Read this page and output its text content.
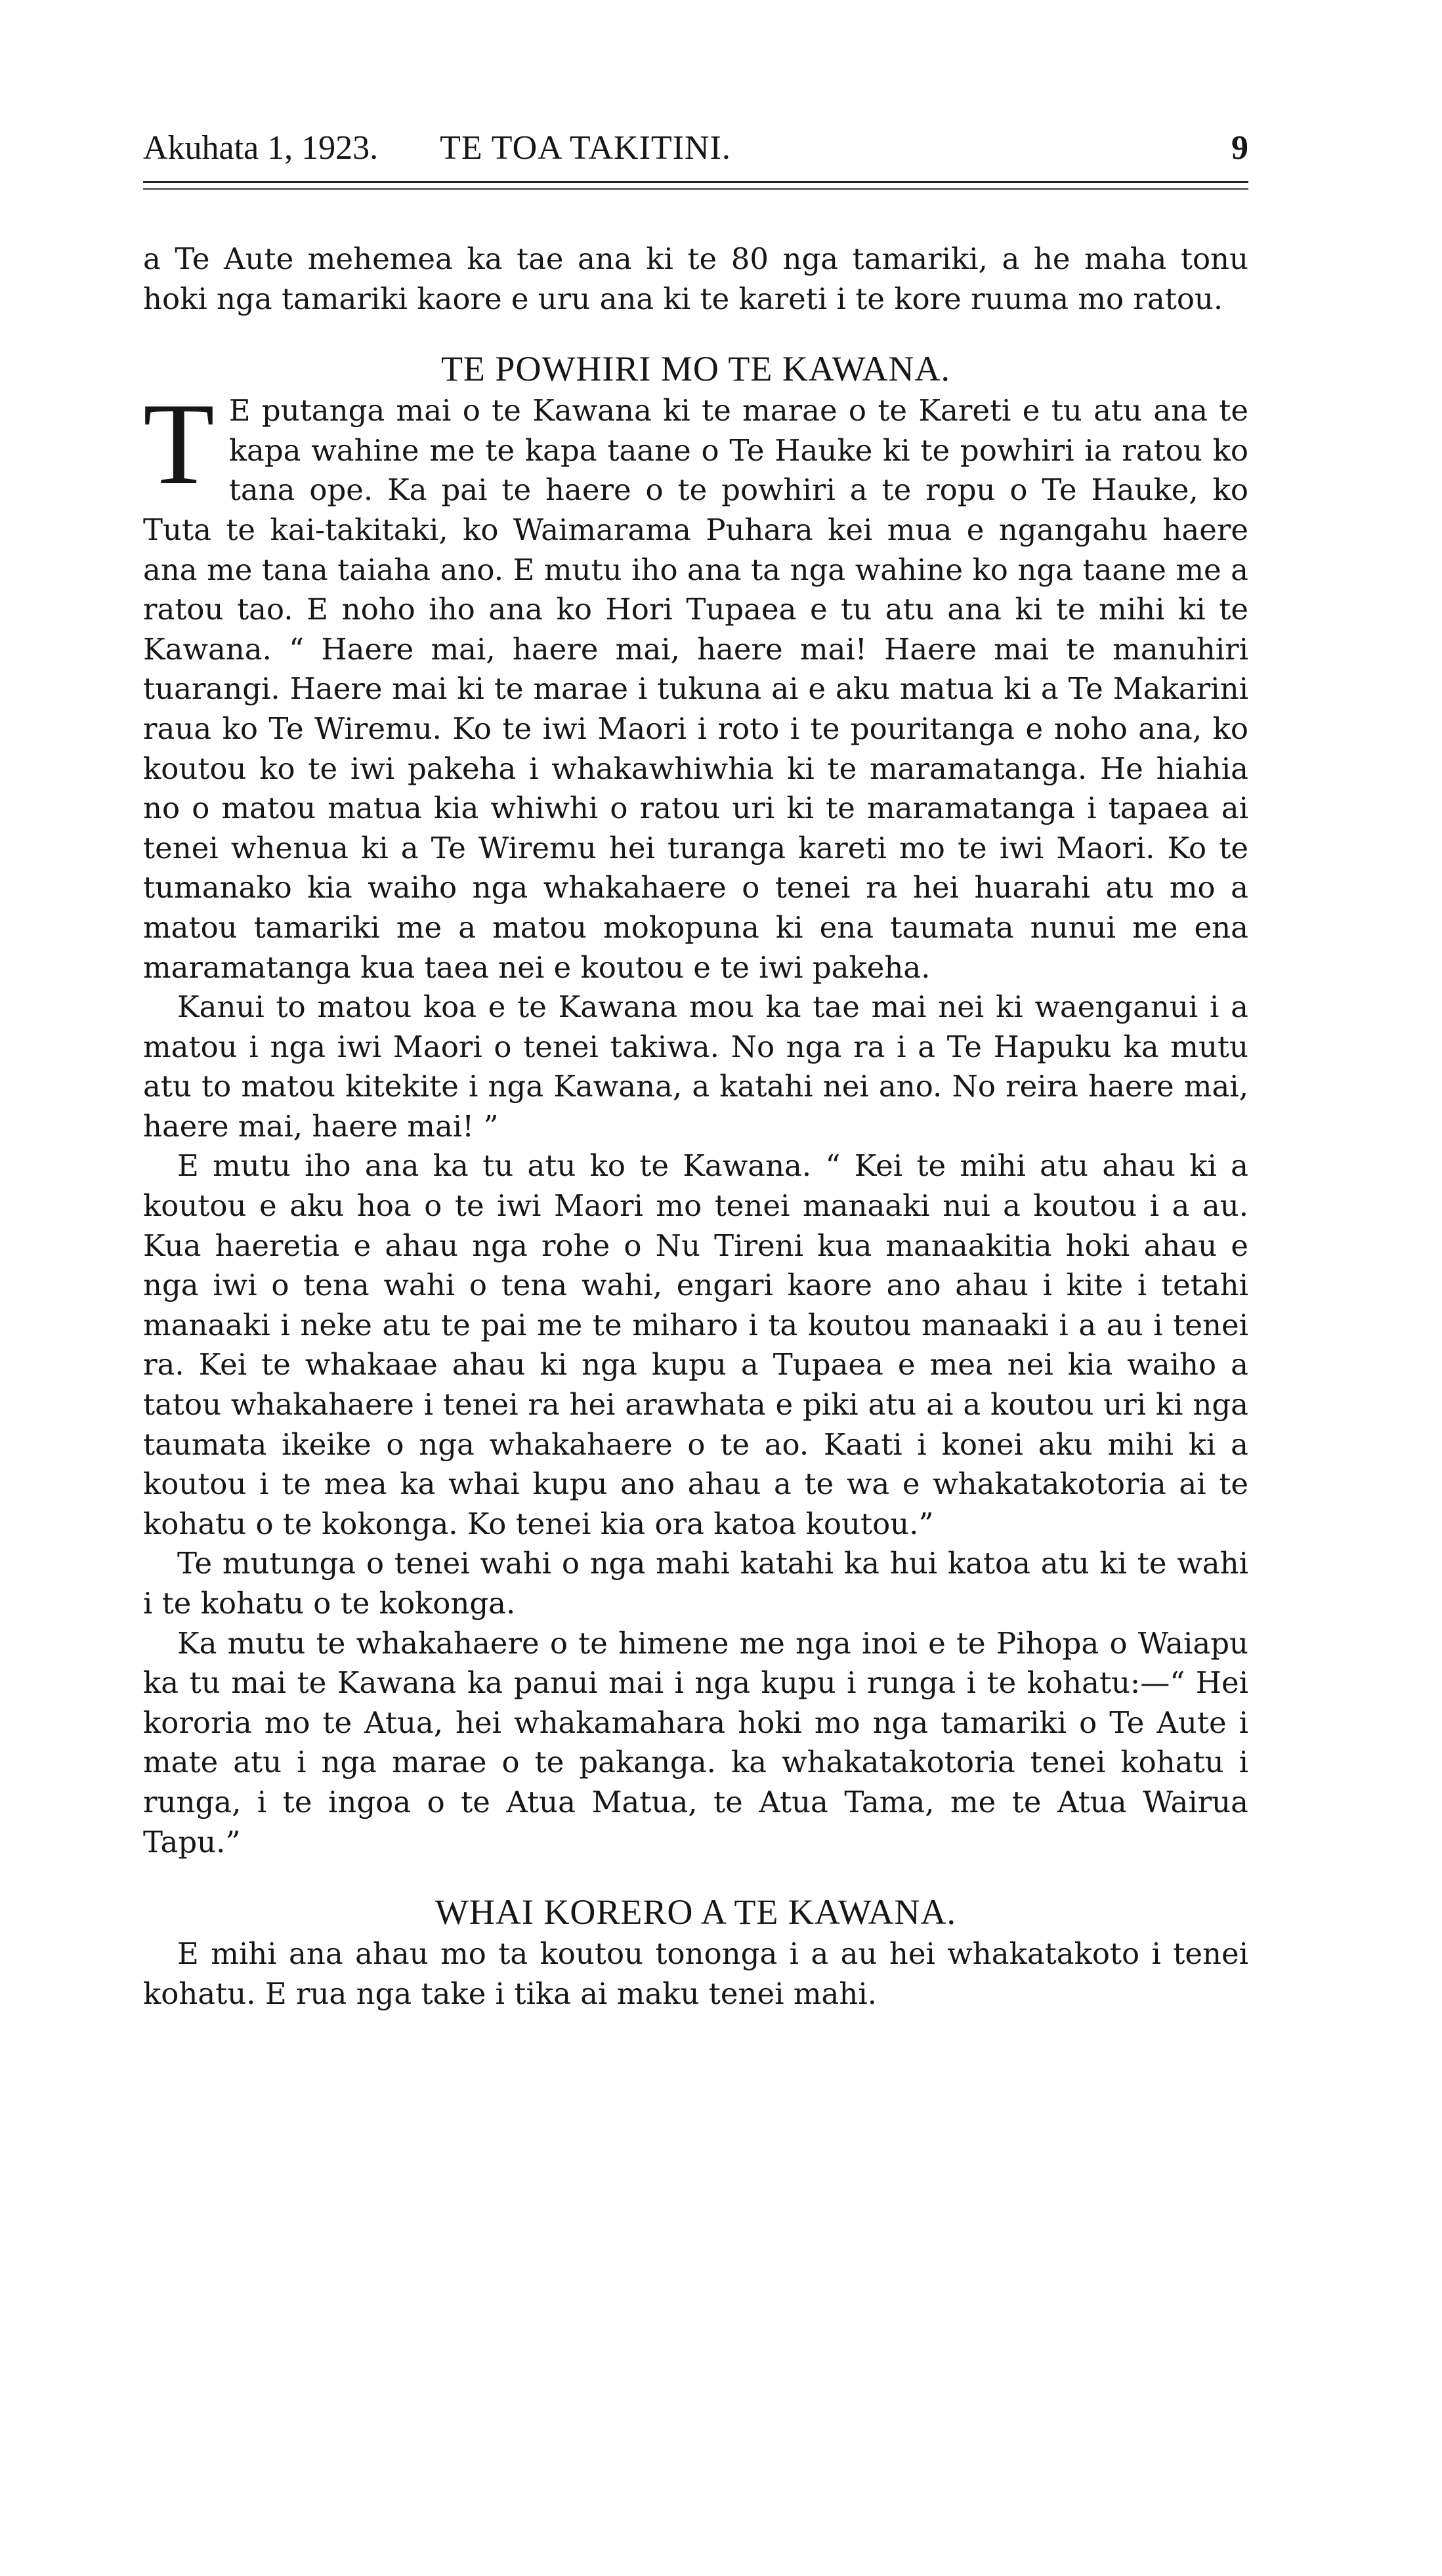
Akuhata 1, 1923.	TE TOA TAKITINI.	9

a Te Aute mehemea ka tae ana ki te 80 nga tamariki, a he maha tonu hoki nga tamariki kaore e uru ana ki te kareti i te kore ruuma mo ratou.

TE POWHIRI MO TE KAWANA.

T E putanga mai o te Kawana ki te marae o te Kareti e tu atu ana te kapa wahine me te kapa taane o Te Hauke ki te powhiri ia ratou ko tana ope. Ka pai te haere o te powhiri a te ropu o Te Hauke, ko Tuta te kai-takitaki, ko Waimarama Puhara kei mua e ngangahu haere ana me tana taiaha ano. E mutu iho ana ta nga wahine ko nga taane me a ratou tao. E noho iho ana ko Hori Tupaea e tu atu ana ki te mihi ki te Kawana. “ Haere mai, haere mai, haere mai! Haere mai te manuhiri tuarangi. Haere mai ki te marae i tukuna ai e aku matua ki a Te Makarini raua ko Te Wiremu. Ko te iwi Maori i roto i te pouritanga e noho ana, ko koutou ko te iwi pakeha i whakawhiwhia ki te maramatanga. He hiahia no o matou matua kia whiwhi o ratou uri ki te maramatanga i tapaea ai tenei whenua ki a Te Wiremu hei turanga kareti mo te iwi Maori. Ko te tumanako kia waiho nga whakahaere o tenei ra hei huarahi atu mo a matou tamariki me a matou mokopuna ki ena taumata nunui me ena maramatanga kua taea nei e koutou e te iwi pakeha.

Kanui to matou koa e te Kawana mou ka tae mai nei ki waenganui i a matou i nga iwi Maori o tenei takiwa. No nga ra i a Te Hapuku ka mutu atu to matou kitekite i nga Kawana, a katahi nei ano. No reira haere mai, haere mai, haere mai! ”

E mutu iho ana ka tu atu ko te Kawana. “ Kei te mihi atu ahau ki a koutou e aku hoa o te iwi Maori mo tenei manaaki nui a koutou i a au. Kua haeretia e ahau nga rohe o Nu Tireni kua manaakitia hoki ahau e nga iwi o tena wahi o tena wahi, engari kaore ano ahau i kite i tetahi manaaki i neke atu te pai me te miharo i ta koutou manaaki i a au i tenei ra. Kei te whakaae ahau ki nga kupu a Tupaea e mea nei kia waiho a tatou whakahaere i tenei ra hei arawhata e piki atu ai a koutou uri ki nga taumata ikeike o nga whakahaere o te ao. Kaati i konei aku mihi ki a koutou i te mea ka whai kupu ano ahau a te wa e whakatakotoria ai te kohatu o te kokonga. Ko tenei kia ora katoa koutou.”

Te mutunga o tenei wahi o nga mahi katahi ka hui katoa atu ki te wahi i te kohatu o te kokonga.

Ka mutu te whakahaere o te himene me nga inoi e te Pihopa o Waiapu ka tu mai te Kawana ka panui mai i nga kupu i runga i te kohatu:—“ Hei kororia mo te Atua, hei whakamahara hoki mo nga tamariki o Te Aute i mate atu i nga marae o te pakanga. ka whakatakotoria tenei kohatu i runga, i te ingoa o te Atua Matua, te Atua Tama, me te Atua Wairua Tapu.”

WHAI KORERO A TE KAWANA.

E mihi ana ahau mo ta koutou tononga i a au hei whakatakoto i tenei kohatu. E rua nga take i tika ai maku tenei mahi.
